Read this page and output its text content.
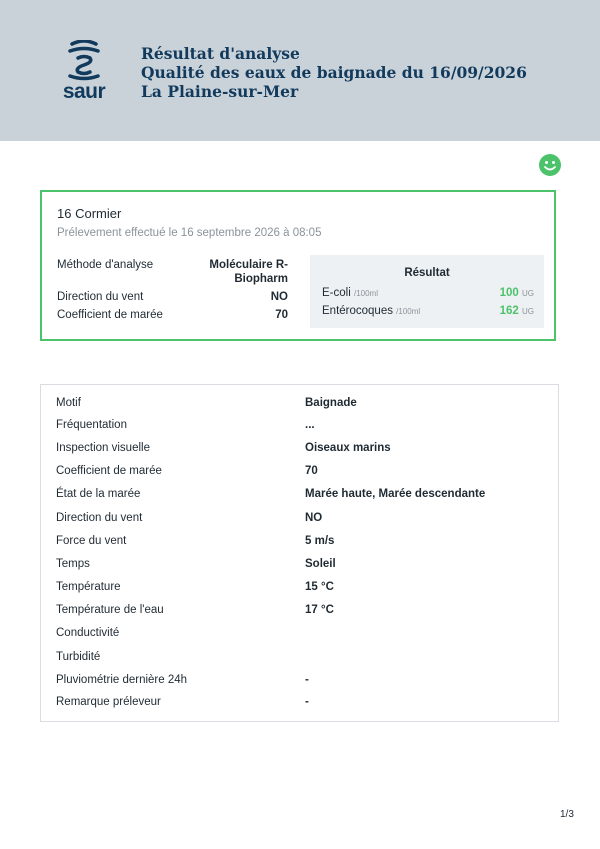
saur
Résultat d'analyse
Qualité des eaux de baignade du 16/09/2026
La Plaine-sur-Mer
16 Cormier
Prélevement effectué le 16 septembre 2026 à 08:05
Méthode d'analyse	Moléculaire R-
Biopharm
Direction du vent	NO
Coefficient de marée	70
Résultat
E-coli /100ml	100 UG
Entérocoques /100ml	162 UG
Motif	Baignade
Fréquentation	...
Inspection visuelle	Oiseaux marins
Coefficient de marée	70
État de la marée	Marée haute, Marée descendante
Direction du vent	NO
Force du vent	5 m/s
Temps	Soleil
Température	15 °C
Température de l'eau	17 °C
Conductivité
Turbidité
Pluviométrie dernière 24h	-
Remarque préleveur	-
1/3
